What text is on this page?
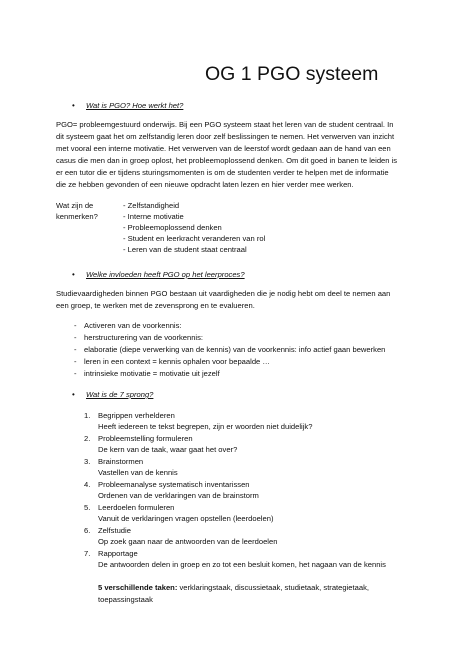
OG 1 PGO systeem
• Wat is PGO? Hoe werkt het?
PGO= probleemgestuurd onderwijs. Bij een PGO systeem staat het leren van de student centraal. In
dit systeem gaat het om zelfstandig leren door zelf beslissingen te nemen. Het verwerven van inzicht
met vooral een interne motivatie. Het verwerven van de leerstof wordt gedaan aan de hand van een
casus die men dan in groep oplost, het probleemoplossend denken. Om dit goed in banen te leiden is
er een tutor die er tijdens sturingsmomenten is om de studenten verder te helpen met de informatie
die ze hebben gevonden of een nieuwe opdracht laten lezen en hier verder mee werken.
Wat zijn de
kenmerken?
- Zelfstandigheid
- Interne motivatie
- Probleemoplossend denken
- Student en leerkracht veranderen van rol
- Leren van de student staat centraal
• Welke invloeden heeft PGO op het leerproces?
Studievaardigheden binnen PGO bestaan uit vaardigheden die je nodig hebt om deel te nemen aan
een groep, te werken met de zevensprong en te evalueren.
- Activeren van de voorkennis:
- herstructurering van de voorkennis:
- elaboratie (diepe verwerking van de kennis) van de voorkennis: info actief gaan bewerken
- leren in een context = kennis ophalen voor bepaalde …
- intrinsieke motivatie = motivatie uit jezelf
• Wat is de 7 sprong?
1. Begrippen verhelderen
Heeft iedereen te tekst begrepen, zijn er woorden niet duidelijk?
2. Probleemstelling formuleren
De kern van de taak, waar gaat het over?
3. Brainstormen
Vastellen van de kennis
4. Probleemanalyse systematisch inventarissen
Ordenen van de verklaringen van de brainstorm
5. Leerdoelen formuleren
Vanuit de verklaringen vragen opstellen (leerdoelen)
6. Zelfstudie
Op zoek gaan naar de antwoorden van de leerdoelen
7. Rapportage
De antwoorden delen in groep en zo tot een besluit komen, het nagaan van de kennis
5 verschillende taken: verklaringstaak, discussietaak, studietaak, strategietaak,
toepassingstaak
